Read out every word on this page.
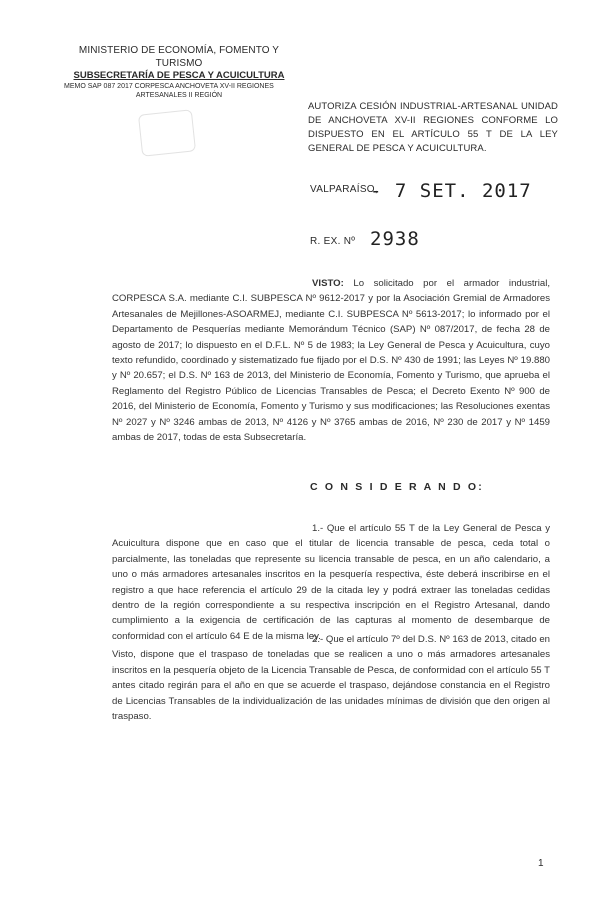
MINISTERIO DE ECONOMÍA, FOMENTO Y TURISMO
SUBSECRETARÍA DE PESCA Y ACUICULTURA
MEMO SAP 087 2017 CORPESCA ANCHOVETA XV-II REGIONES
ARTESANALES II REGIÓN
AUTORIZA CESIÓN INDUSTRIAL-ARTESANAL UNIDAD DE ANCHOVETA XV-II REGIONES CONFORME LO DISPUESTO EN EL ARTÍCULO 55 T DE LA LEY GENERAL DE PESCA Y ACUICULTURA.
VALPARAÍSO,
- 7 SET. 2017
R. EX. Nº 2938
VISTO: Lo solicitado por el armador industrial, CORPESCA S.A. mediante C.I. SUBPESCA Nº 9612-2017 y por la Asociación Gremial de Armadores Artesanales de Mejillones-ASOARMEJ, mediante C.I. SUBPESCA Nº 5613-2017; lo informado por el Departamento de Pesquerías mediante Memorándum Técnico (SAP) Nº 087/2017, de fecha 28 de agosto de 2017; lo dispuesto en el D.F.L. Nº 5 de 1983; la Ley General de Pesca y Acuicultura, cuyo texto refundido, coordinado y sistematizado fue fijado por el D.S. Nº 430 de 1991; las Leyes Nº 19.880 y Nº 20.657; el D.S. Nº 163 de 2013, del Ministerio de Economía, Fomento y Turismo, que aprueba el Reglamento del Registro Público de Licencias Transables de Pesca; el Decreto Exento Nº 900 de 2016, del Ministerio de Economía, Fomento y Turismo y sus modificaciones; las Resoluciones exentas Nº 2027 y Nº 3246 ambas de 2013, Nº 4126 y Nº 3765 ambas de 2016, Nº 230 de 2017 y Nº 1459 ambas de 2017, todas de esta Subsecretaría.
C O N S I D E R A N D O:
1.- Que el artículo 55 T de la Ley General de Pesca y Acuicultura dispone que en caso que el titular de licencia transable de pesca, ceda total o parcialmente, las toneladas que represente su licencia transable de pesca, en un año calendario, a uno o más armadores artesanales inscritos en la pesquería respectiva, éste deberá inscribirse en el registro a que hace referencia el artículo 29 de la citada ley y podrá extraer las toneladas cedidas dentro de la región correspondiente a su respectiva inscripción en el Registro Artesanal, dando cumplimiento a la exigencia de certificación de las capturas al momento de desembarque de conformidad con el artículo 64 E de la misma ley.
2.- Que el artículo 7º del D.S. Nº 163 de 2013, citado en Visto, dispone que el traspaso de toneladas que se realicen a uno o más armadores artesanales inscritos en la pesquería objeto de la Licencia Transable de Pesca, de conformidad con el artículo 55 T antes citado regirán para el año en que se acuerde el traspaso, dejándose constancia en el Registro de Licencias Transables de la individualización de las unidades mínimas de división que den origen al traspaso.
1
